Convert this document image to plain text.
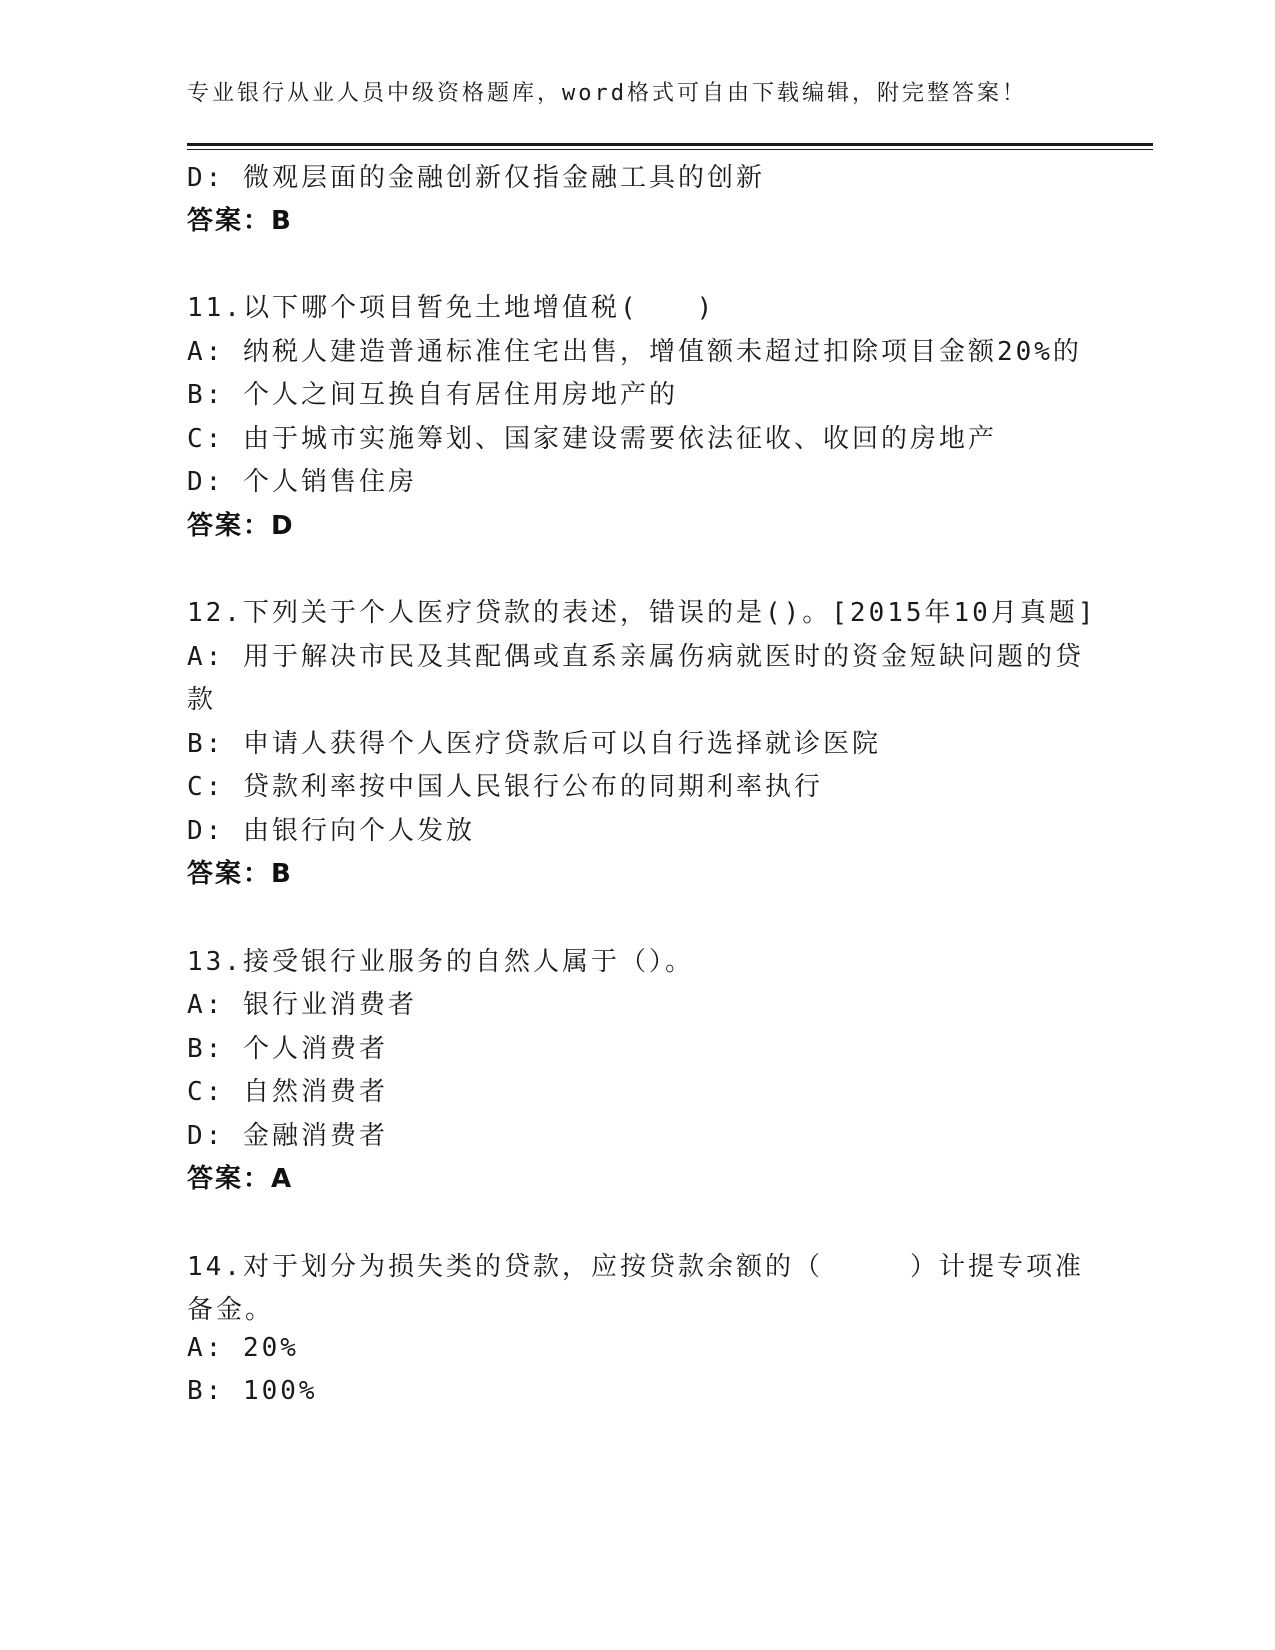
专业银行从业人员中级资格题库，word格式可自由下载编辑，附完整答案！
D: 微观层面的金融创新仅指金融工具的创新
答案：B
11.以下哪个项目暂免土地增值税(　　)
A: 纳税人建造普通标准住宅出售，增值额未超过扣除项目金额20%的
B: 个人之间互换自有居住用房地产的
C: 由于城市实施筹划、国家建设需要依法征收、收回的房地产
D: 个人销售住房
答案：D
12.下列关于个人医疗贷款的表述，错误的是()。[2015年10月真题]
A: 用于解决市民及其配偶或直系亲属伤病就医时的资金短缺问题的贷
款
B: 申请人获得个人医疗贷款后可以自行选择就诊医院
C: 贷款利率按中国人民银行公布的同期利率执行
D: 由银行向个人发放
答案：B
13.接受银行业服务的自然人属于（）。
A: 银行业消费者
B: 个人消费者
C: 自然消费者
D: 金融消费者
答案：A
14.对于划分为损失类的贷款，应按贷款余额的（　　　）计提专项准
备金。
A: 20%
B: 100%
